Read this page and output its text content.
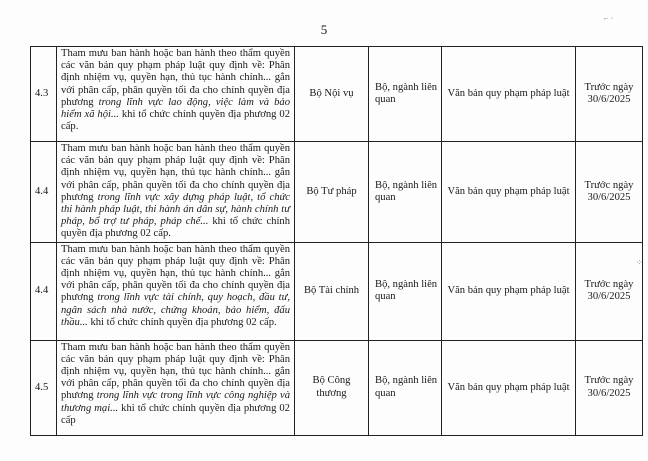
5
⌐ ·
⁘
4.3	Tham mưu ban hành hoặc ban hành theo thẩm quyền các văn bản quy phạm pháp luật quy định về: Phân định nhiệm vụ, quyền hạn, thủ tục hành chính... gắn với phân cấp, phân quyền tối đa cho chính quyền địa phương trong lĩnh vực lao động, việc làm và bảo hiểm xã hội... khi tổ chức chính quyền địa phương 02 cấp.	Bộ Nội vụ	Bộ, ngành liên quan	Văn bản quy phạm pháp luật	Trước ngày 30/6/2025
4.4	Tham mưu ban hành hoặc ban hành theo thẩm quyền các văn bản quy phạm pháp luật quy định về: Phân định nhiệm vụ, quyền hạn, thủ tục hành chính... gắn với phân cấp, phân quyền tối đa cho chính quyền địa phương trong lĩnh vực xây dựng pháp luật, tổ chức thi hành pháp luật, thi hành án dân sự, hành chính tư pháp, bổ trợ tư pháp, pháp chế... khi tổ chức chính quyền địa phương 02 cấp.	Bộ Tư pháp	Bộ, ngành liên quan	Văn bản quy phạm pháp luật	Trước ngày 30/6/2025
4.4	Tham mưu ban hành hoặc ban hành theo thẩm quyền các văn bản quy phạm pháp luật quy định về: Phân định nhiệm vụ, quyền hạn, thủ tục hành chính... gắn với phân cấp, phân quyền tối đa cho chính quyền địa phương trong lĩnh vực tài chính, quy hoạch, đầu tư, ngân sách nhà nước, chứng khoán, bảo hiểm, đấu thầu... khi tổ chức chính quyền địa phương 02 cấp.	Bộ Tài chính	Bộ, ngành liên quan	Văn bản quy phạm pháp luật	Trước ngày 30/6/2025
4.5	Tham mưu ban hành hoặc ban hành theo thẩm quyền các văn bản quy phạm pháp luật quy định về: Phân định nhiệm vụ, quyền hạn, thủ tục hành chính... gắn với phân cấp, phân quyền tối đa cho chính quyền địa phương trong lĩnh vực trong lĩnh vực công nghiệp và thương mại... khi tổ chức chính quyền địa phương 02 cấp	Bộ Công thương	Bộ, ngành liên quan	Văn bản quy phạm pháp luật	Trước ngày 30/6/2025
